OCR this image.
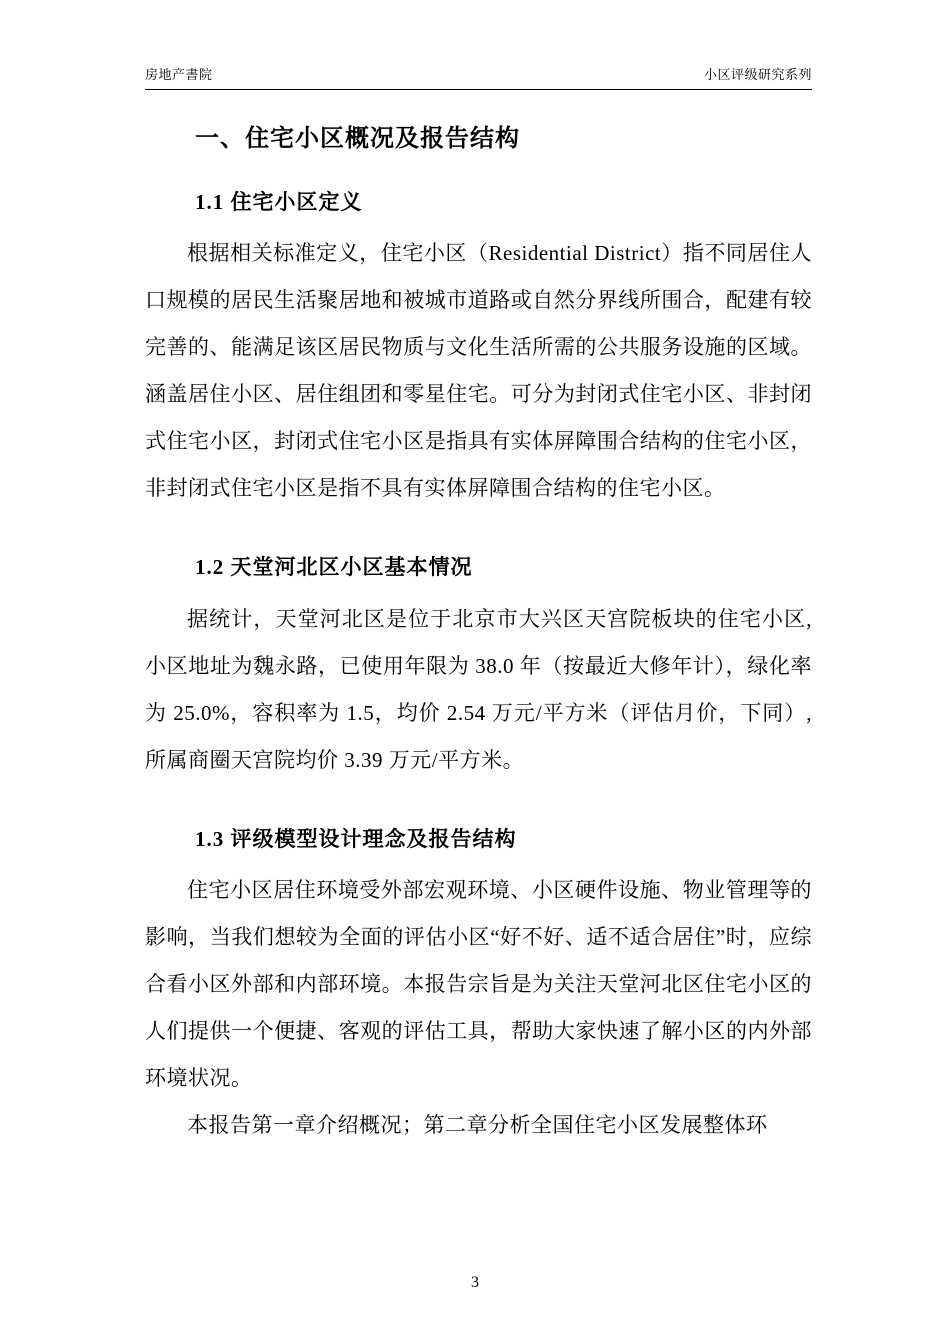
房地产書院	小区评级研究系列
一、住宅小区概况及报告结构
1.1 住宅小区定义

根据相关标准定义，住宅小区（Residential District）指不同居住人口规模的居民生活聚居地和被城市道路或自然分界线所围合，配建有较完善的、能满足该区居民物质与文化生活所需的公共服务设施的区域。涵盖居住小区、居住组团和零星住宅。可分为封闭式住宅小区、非封闭式住宅小区，封闭式住宅小区是指具有实体屏障围合结构的住宅小区，非封闭式住宅小区是指不具有实体屏障围合结构的住宅小区。

1.2 天堂河北区小区基本情况

据统计，天堂河北区是位于北京市大兴区天宫院板块的住宅小区,小区地址为魏永路，已使用年限为 38.0 年（按最近大修年计），绿化率为 25.0%，容积率为 1.5，均价 2.54 万元/平方米（评估月价，下同）,所属商圈天宫院均价 3.39 万元/平方米。

1.3 评级模型设计理念及报告结构

住宅小区居住环境受外部宏观环境、小区硬件设施、物业管理等的影响，当我们想较为全面的评估小区“好不好、适不适合居住”时，应综合看小区外部和内部环境。本报告宗旨是为关注天堂河北区住宅小区的人们提供一个便捷、客观的评估工具，帮助大家快速了解小区的内外部环境状况。

本报告第一章介绍概况；第二章分析全国住宅小区发展整体环

3
